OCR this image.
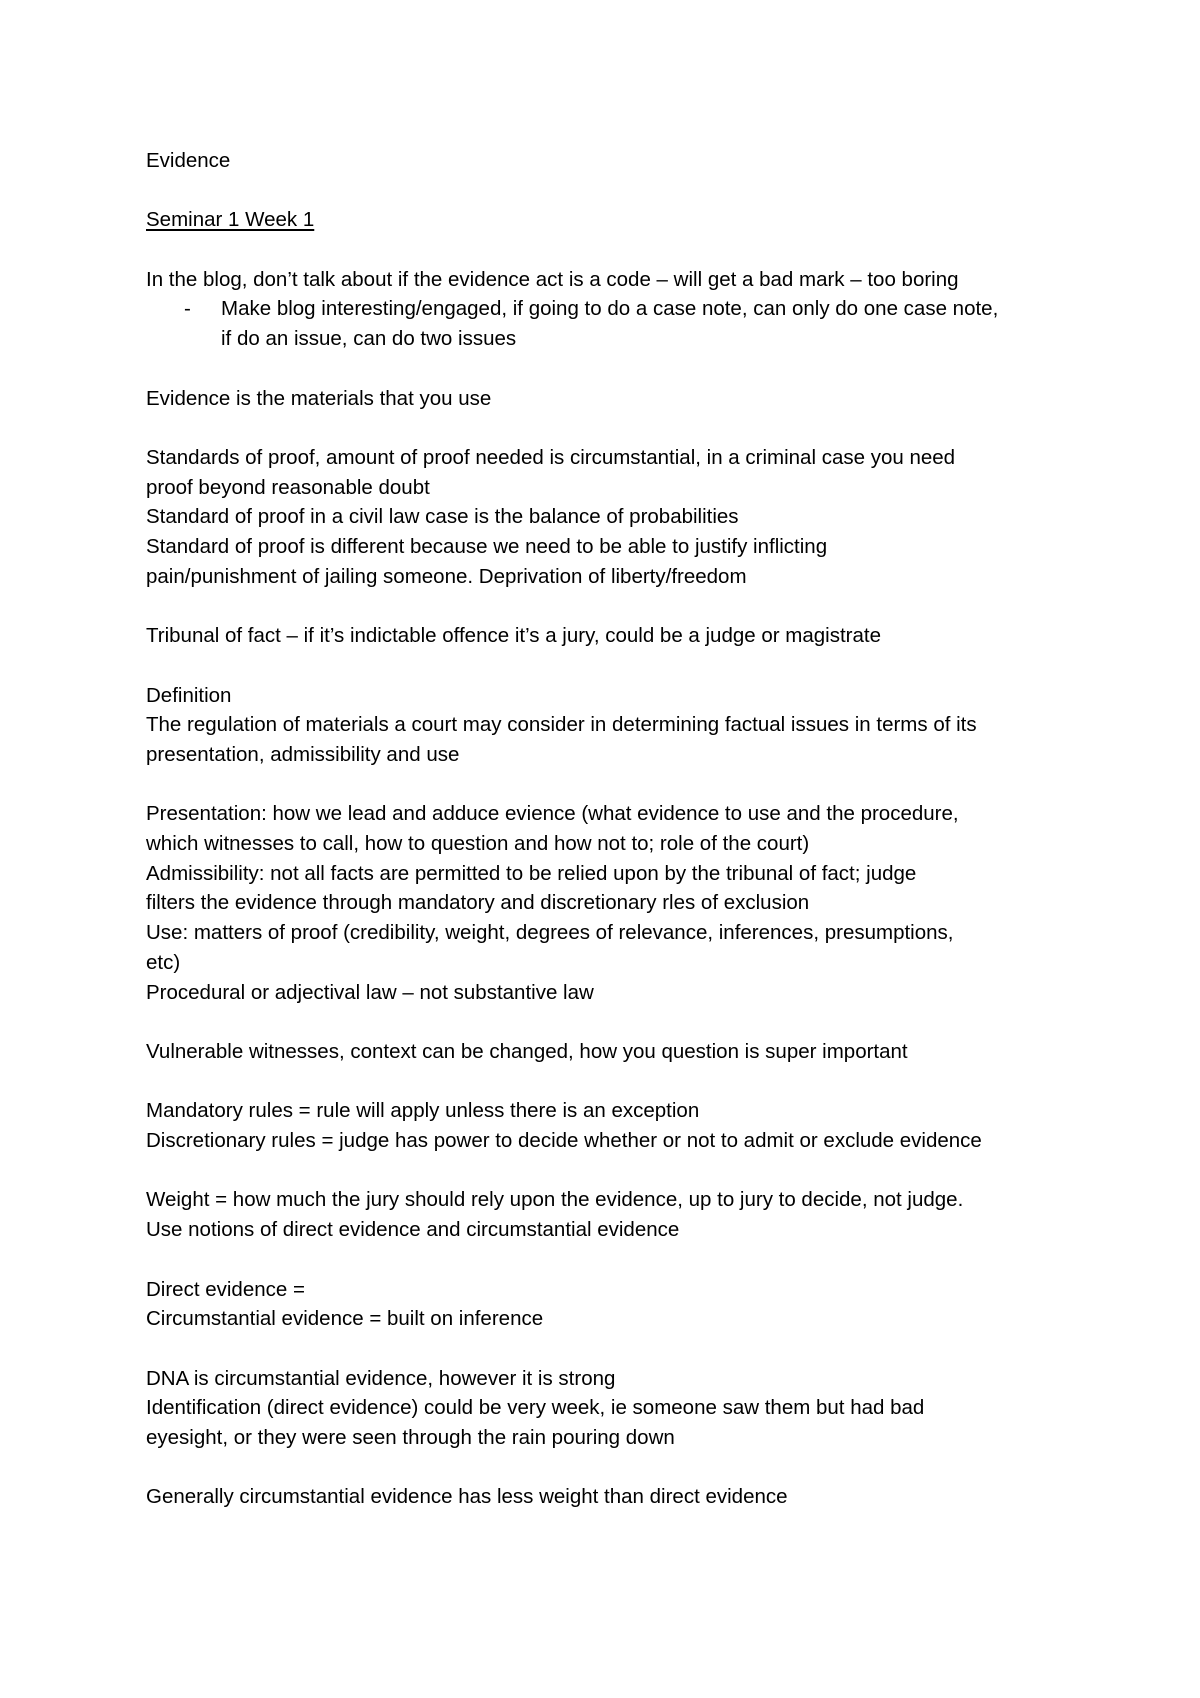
Evidence
Seminar 1 Week 1
In the blog, don’t talk about if the evidence act is a code – will get a bad mark – too boring
-	Make blog interesting/engaged, if going to do a case note, can only do one case note,
if do an issue, can do two issues
Evidence is the materials that you use
Standards of proof, amount of proof needed is circumstantial, in a criminal case you need
proof beyond reasonable doubt
Standard of proof in a civil law case is the balance of probabilities
Standard of proof is different because we need to be able to justify inflicting
pain/punishment of jailing someone. Deprivation of liberty/freedom
Tribunal of fact – if it’s indictable offence it’s a jury, could be a judge or magistrate
Definition
The regulation of materials a court may consider in determining factual issues in terms of its
presentation, admissibility and use
Presentation: how we lead and adduce evience (what evidence to use and the procedure,
which witnesses to call, how to question and how not to; role of the court)
Admissibility: not all facts are permitted to be relied upon by the tribunal of fact; judge
filters the evidence through mandatory and discretionary rles of exclusion
Use: matters of proof (credibility, weight, degrees of relevance, inferences, presumptions,
etc)
Procedural or adjectival law – not substantive law
Vulnerable witnesses, context can be changed, how you question is super important
Mandatory rules = rule will apply unless there is an exception
Discretionary rules = judge has power to decide whether or not to admit or exclude evidence
Weight = how much the jury should rely upon the evidence, up to jury to decide, not judge.
Use notions of direct evidence and circumstantial evidence
Direct evidence =
Circumstantial evidence = built on inference
DNA is circumstantial evidence, however it is strong
Identification (direct evidence) could be very week, ie someone saw them but had bad
eyesight, or they were seen through the rain pouring down
Generally circumstantial evidence has less weight than direct evidence
